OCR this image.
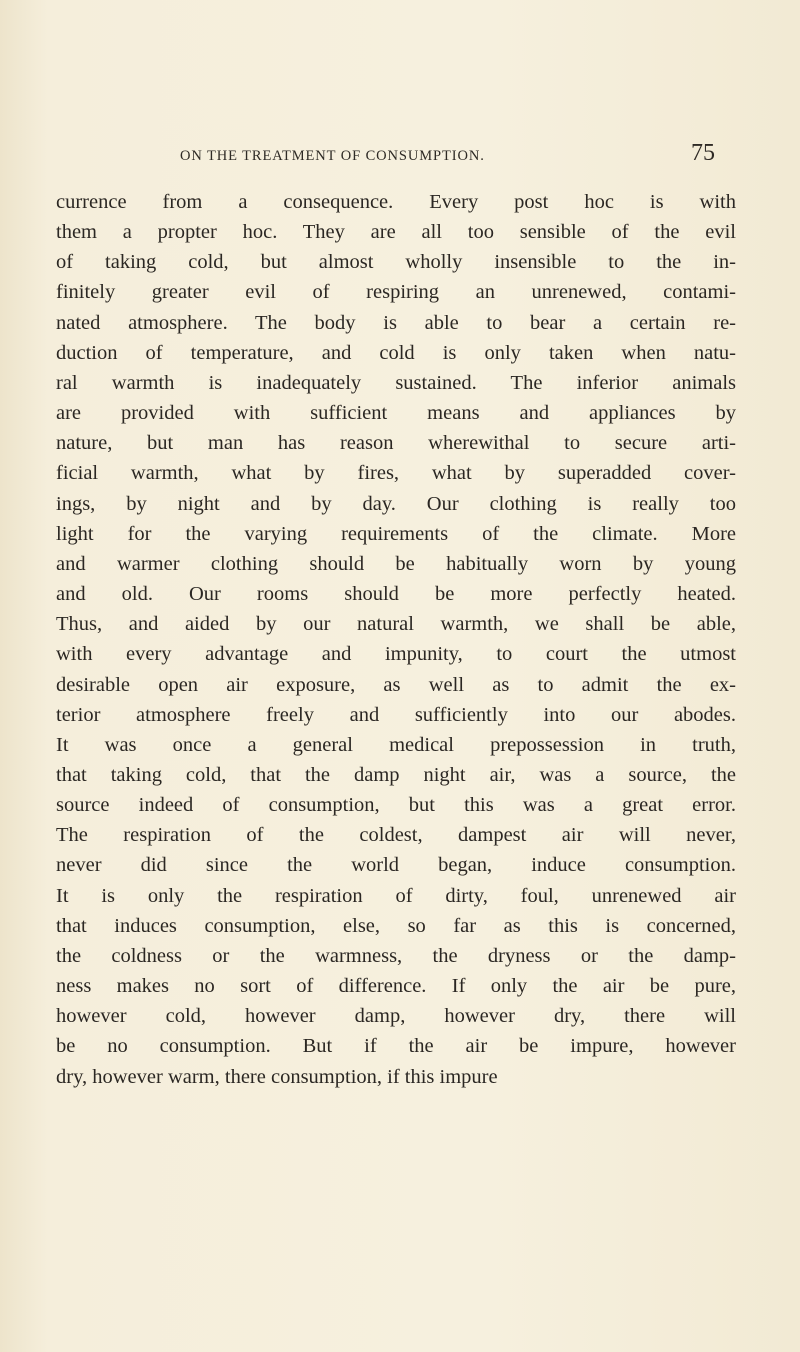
ON THE TREATMENT OF CONSUMPTION.	75
currence from a consequence. Every post hoc is with
them a propter hoc. They are all too sensible of the evil
of taking cold, but almost wholly insensible to the in-
finitely greater evil of respiring an unrenewed, contami-
nated atmosphere. The body is able to bear a certain re-
duction of temperature, and cold is only taken when natu-
ral warmth is inadequately sustained. The inferior animals
are provided with sufficient means and appliances by
nature, but man has reason wherewithal to secure arti-
ficial warmth, what by fires, what by superadded cover-
ings, by night and by day. Our clothing is really too
light for the varying requirements of the climate. More
and warmer clothing should be habitually worn by young
and old. Our rooms should be more perfectly heated.
Thus, and aided by our natural warmth, we shall be able,
with every advantage and impunity, to court the utmost
desirable open air exposure, as well as to admit the ex-
terior atmosphere freely and sufficiently into our abodes.
It was once a general medical prepossession in truth,
that taking cold, that the damp night air, was a source, the
source indeed of consumption, but this was a great error.
The respiration of the coldest, dampest air will never,
never did since the world began, induce consumption.
It is only the respiration of dirty, foul, unrenewed air
that induces consumption, else, so far as this is concerned,
the coldness or the warmness, the dryness or the damp-
ness makes no sort of difference. If only the air be pure,
however cold, however damp, however dry, there will
be no consumption. But if the air be impure, however
dry, however warm, there consumption, if this impure
